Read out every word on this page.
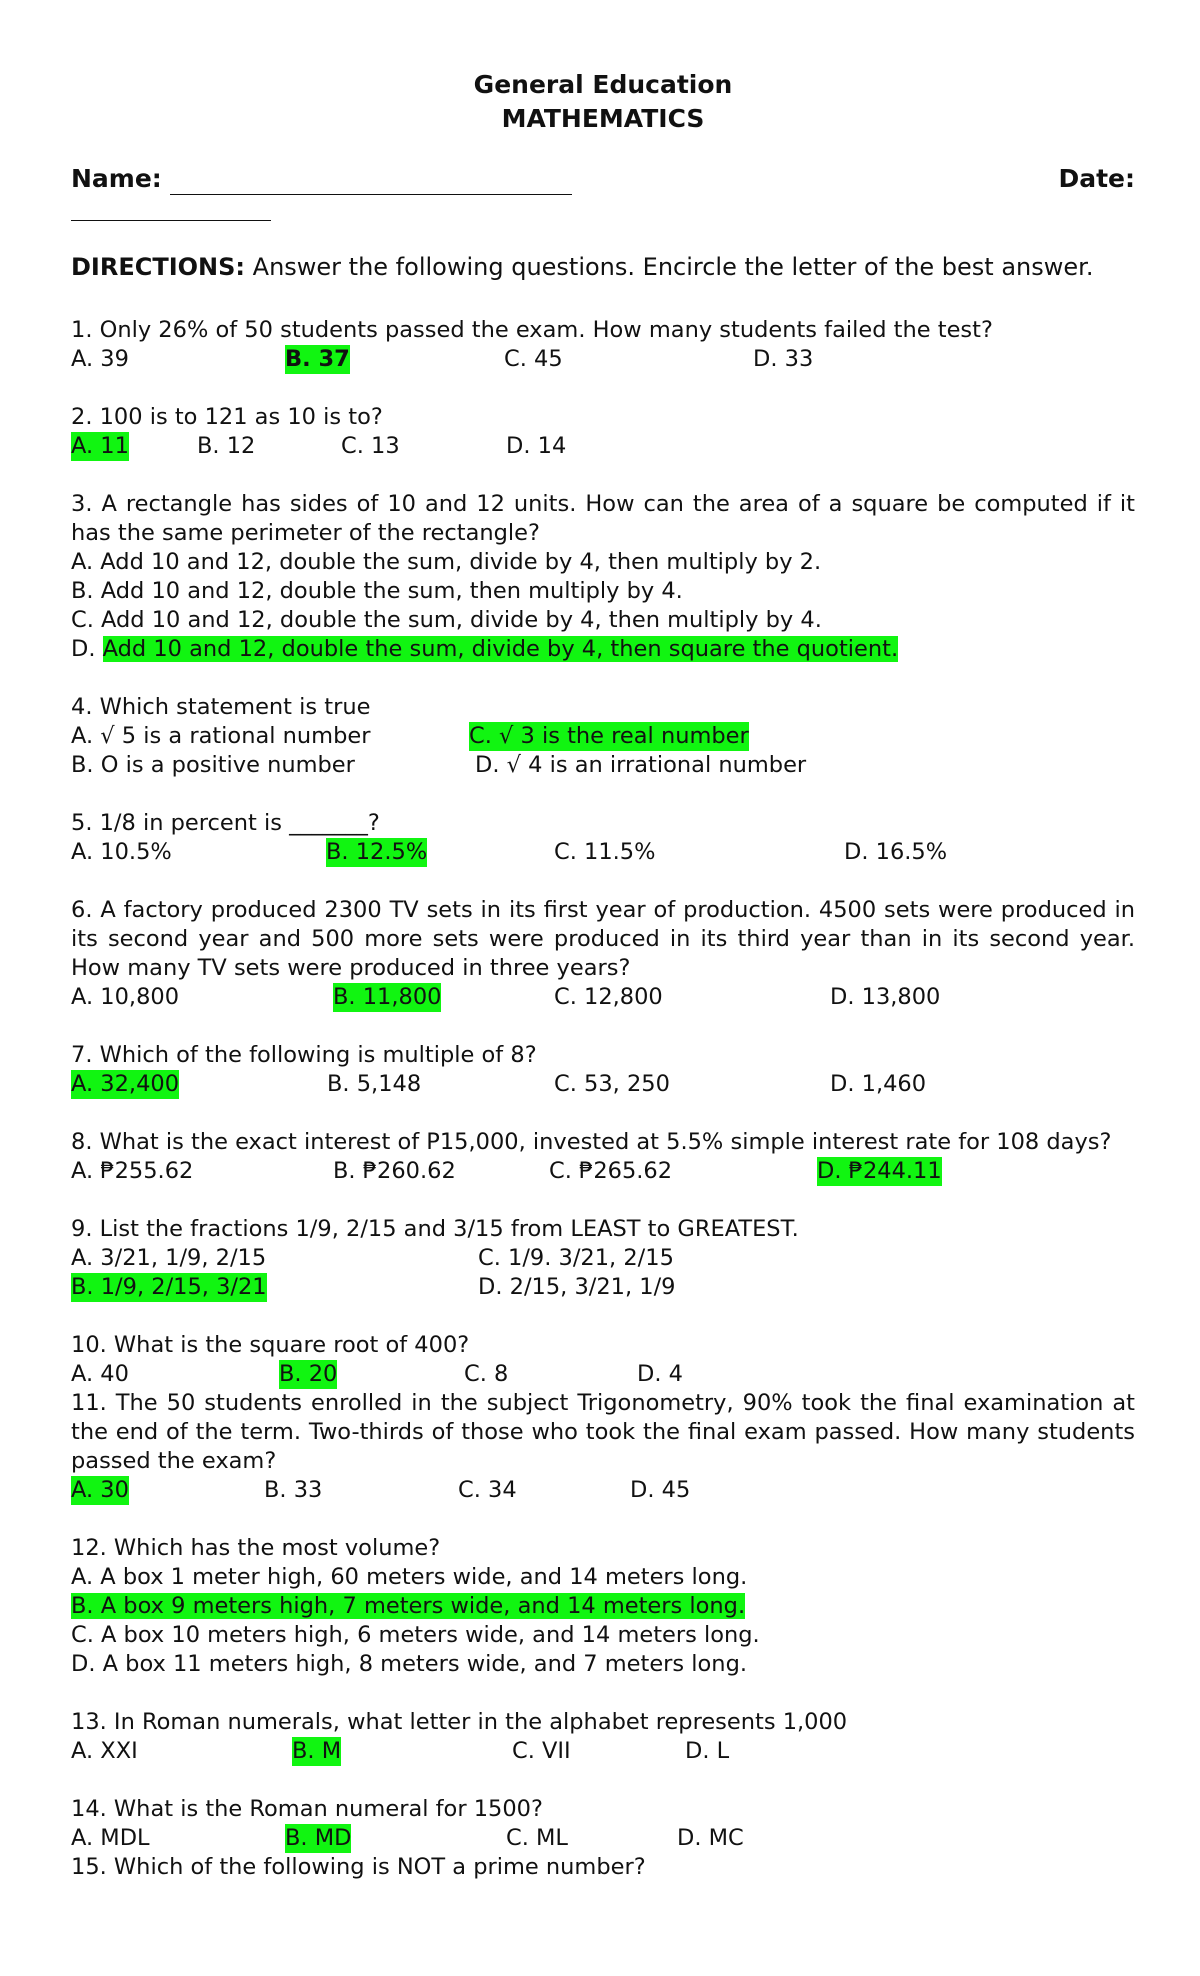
General Education
MATHEMATICS
Name:	Date:
DIRECTIONS: Answer the following questions. Encircle the letter of the best answer.
1. Only 26% of 50 students passed the exam. How many students failed the test?
A. 39	B. 37	C. 45	D. 33
2. 100 is to 121 as 10 is to?
A. 11	B. 12	C. 13	D. 14
3. A rectangle has sides of 10 and 12 units. How can the area of a square be computed if it has the same perimeter of the rectangle?
A. Add 10 and 12, double the sum, divide by 4, then multiply by 2.
B. Add 10 and 12, double the sum, then multiply by 4.
C. Add 10 and 12, double the sum, divide by 4, then multiply by 4.
D. Add 10 and 12, double the sum, divide by 4, then square the quotient.
4. Which statement is true
A. √ 5 is a rational number	C. √ 3 is the real number
B. O is a positive number	D. √ 4 is an irrational number
5. 1/8 in percent is _______?
A. 10.5%	B. 12.5%	C. 11.5%	D. 16.5%
6. A factory produced 2300 TV sets in its first year of production. 4500 sets were produced in its second year and 500 more sets were produced in its third year than in its second year. How many TV sets were produced in three years?
A. 10,800	B. 11,800	C. 12,800	D. 13,800
7. Which of the following is multiple of 8?
A. 32,400	B. 5,148	C. 53, 250	D. 1,460
8. What is the exact interest of P15,000, invested at 5.5% simple interest rate for 108 days?
A. ₱255.62	B. ₱260.62	C. ₱265.62	D. ₱244.11
9. List the fractions 1/9, 2/15 and 3/15 from LEAST to GREATEST.
A. 3/21, 1/9, 2/15	C. 1/9. 3/21, 2/15
B. 1/9, 2/15, 3/21	D. 2/15, 3/21, 1/9
10. What is the square root of 400?
A. 40	B. 20	C. 8	D. 4
11. The 50 students enrolled in the subject Trigonometry, 90% took the final examination at the end of the term. Two-thirds of those who took the final exam passed. How many students passed the exam?
A. 30	B. 33	C. 34	D. 45
12. Which has the most volume?
A. A box 1 meter high, 60 meters wide, and 14 meters long.
B. A box 9 meters high, 7 meters wide, and 14 meters long.
C. A box 10 meters high, 6 meters wide, and 14 meters long.
D. A box 11 meters high, 8 meters wide, and 7 meters long.
13. In Roman numerals, what letter in the alphabet represents 1,000
A. XXI	B. M	C. VII	D. L
14. What is the Roman numeral for 1500?
A. MDL	B. MD	C. ML	D. MC
15. Which of the following is NOT a prime number?
